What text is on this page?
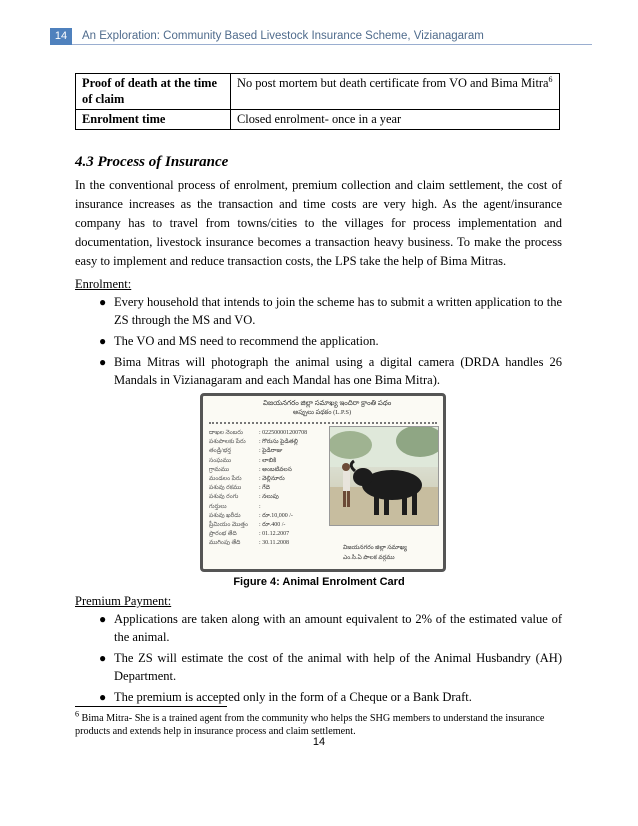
14	An Exploration: Community Based Livestock Insurance Scheme, Vizianagaram
Proof of death at the time of claim	No post mortem but death certificate from VO and Bima Mitra$^6$
Enrolment time	Closed enrolment- once in a year
4.3 Process of Insurance

In the conventional process of enrolment, premium collection and claim settlement, the cost of insurance increases as the transaction and time costs are very high. As the agent/insurance company has to travel from towns/cities to the villages for process implementation and documentation, livestock insurance becomes a transaction heavy business. To make the process easy to implement and reduce transaction costs, the LPS take the help of Bima Mitras.

Enrolment:
● Every household that intends to join the scheme has to submit a written application to the ZS through the MS and VO.
● The VO and MS need to recommend the application.
● Bima Mitras will photograph the animal using a digital camera (DRDA handles 26 Mandals in Vizianagaram and each Mandal has one Bima Mitra).
విజయనగరం జిల్లా సమాఖ్య ఇందిరా క్రాంతి పథం
అప్పులు పథకం (L.P.S)
దాఖల నెంబరు	: 022500001200708
పశుపాలకు పేరు : గొరుసు పైడితల్లి
తండ్రి/భర్త	: పైడిరాజు
సంఘము	: లాబికి
గ్రామము	: అంబటివలస
మండలం పేరు	: వెల్లినూరు
పశువు రకము	: గేదె
పశువు రంగు	: నలుపు
గుర్తులు	:
పశువు ఖరీదు	: రూ.10,000 /-
ప్రీమియం మొత్తం : రూ.400 /-
ప్రారంభ తేది	: 01.12.2007
ముగింపు తేది	: 30.11.2008
విజయనగరం జిల్లా సమాఖ్య
ఎం.సి.ఏ పాలక వర్గము
Figure 4: Animal Enrolment Card
Premium Payment:
● Applications are taken along with an amount equivalent to 2% of the estimated value of the animal.
● The ZS will estimate the cost of the animal with help of the Animal Husbandry (AH) Department.
● The premium is accepted only in the form of a Cheque or a Bank Draft.

$^6$ Bima Mitra- She is a trained agent from the community who helps the SHG members to understand the insurance products and extends help in insurance process and claim settlement.

14
